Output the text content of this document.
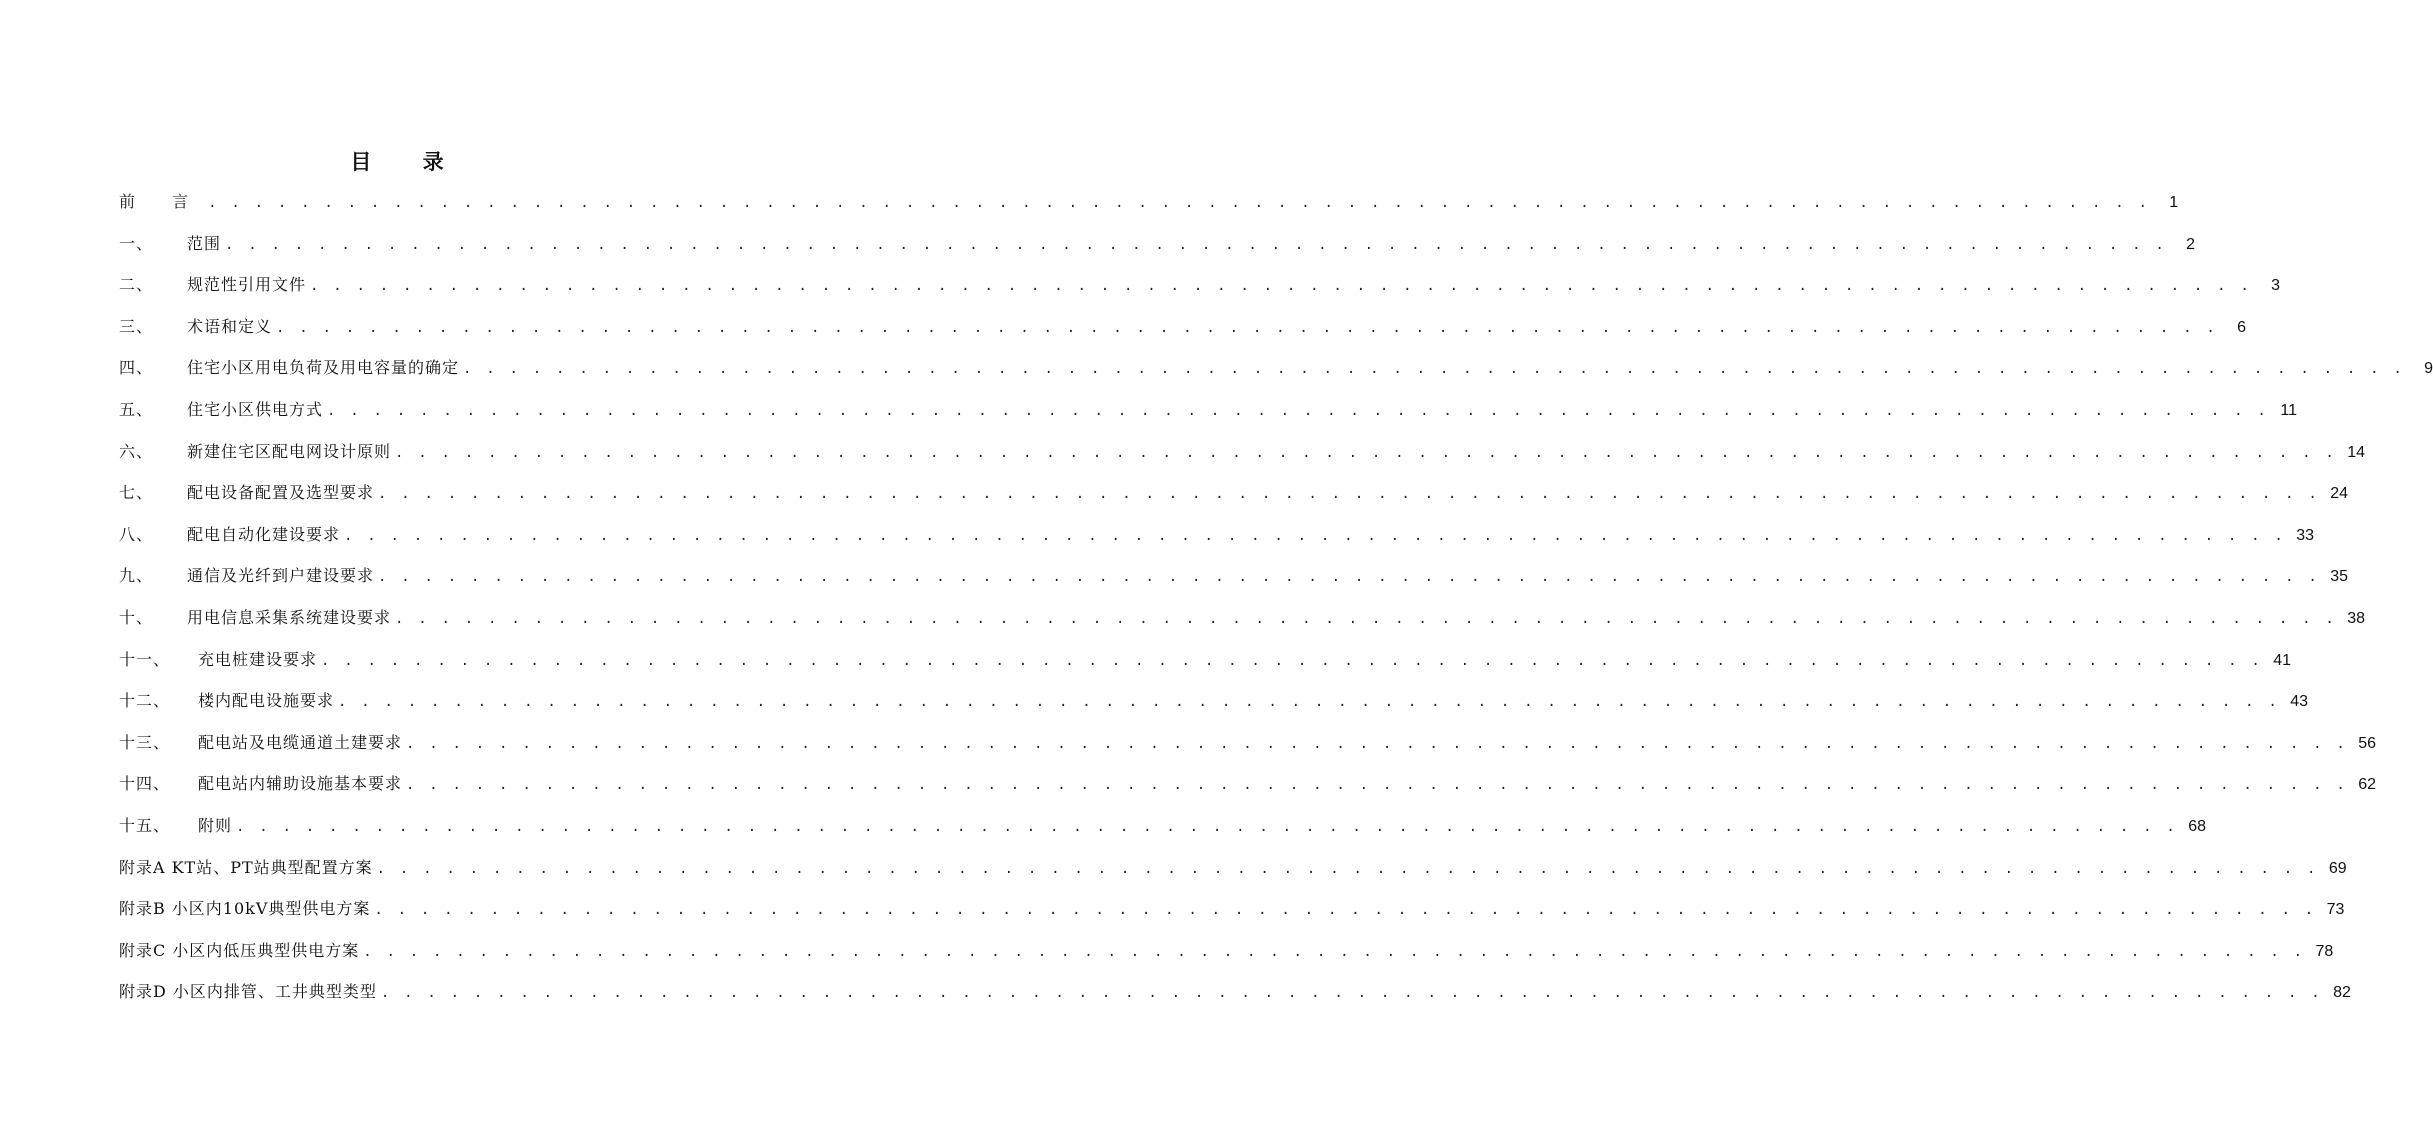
目 录
前 言 . . . . . . . . . . . . . . . . . . . . . . . . . . . . . . . . . . . . . . . . . . . . . . . . . . . . . . . . . . . . . . . . . . . . . . . . . . . . . . . . . . . .	1
一、 范围 . . . . . . . . . . . . . . . . . . . . . . . . . . . . . . . . . . . . . . . . . . . . . . . . . . . . . . . . . . . . . . . . . . . . . . . . . . . . . . . . . . . .	2
二、 规范性引用文件 . . . . . . . . . . . . . . . . . . . . . . . . . . . . . . . . . . . . . . . . . . . . . . . . . . . . . . . . . . . . . . . . . . . . . . . . . . . . . . . . . . . .	3
三、 术语和定义 . . . . . . . . . . . . . . . . . . . . . . . . . . . . . . . . . . . . . . . . . . . . . . . . . . . . . . . . . . . . . . . . . . . . . . . . . . . . . . . . . . . .	6
四、 住宅小区用电负荷及用电容量的确定 . . . . . . . . . . . . . . . . . . . . . . . . . . . . . . . . . . . . . . . . . . . . . . . . . . . . . . . . . . . . . . . . . . . . . . . . . . . . . . . . . . . .	9
五、 住宅小区供电方式 . . . . . . . . . . . . . . . . . . . . . . . . . . . . . . . . . . . . . . . . . . . . . . . . . . . . . . . . . . . . . . . . . . . . . . . . . . . . . . . . . . . . 11
六、 新建住宅区配电网设计原则 . . . . . . . . . . . . . . . . . . . . . . . . . . . . . . . . . . . . . . . . . . . . . . . . . . . . . . . . . . . . . . . . . . . . . . . . . . . . . . . . . . . . 14
七、 配电设备配置及选型要求 . . . . . . . . . . . . . . . . . . . . . . . . . . . . . . . . . . . . . . . . . . . . . . . . . . . . . . . . . . . . . . . . . . . . . . . . . . . . . . . . . . . . 24
八、 配电自动化建设要求 . . . . . . . . . . . . . . . . . . . . . . . . . . . . . . . . . . . . . . . . . . . . . . . . . . . . . . . . . . . . . . . . . . . . . . . . . . . . . . . . . . . . 33
九、 通信及光纤到户建设要求 . . . . . . . . . . . . . . . . . . . . . . . . . . . . . . . . . . . . . . . . . . . . . . . . . . . . . . . . . . . . . . . . . . . . . . . . . . . . . . . . . . . . 35
十、 用电信息采集系统建设要求 . . . . . . . . . . . . . . . . . . . . . . . . . . . . . . . . . . . . . . . . . . . . . . . . . . . . . . . . . . . . . . . . . . . . . . . . . . . . . . . . . . . . 38
十一、 充电桩建设要求 . . . . . . . . . . . . . . . . . . . . . . . . . . . . . . . . . . . . . . . . . . . . . . . . . . . . . . . . . . . . . . . . . . . . . . . . . . . . . . . . . . . . 41
十二、 楼内配电设施要求 . . . . . . . . . . . . . . . . . . . . . . . . . . . . . . . . . . . . . . . . . . . . . . . . . . . . . . . . . . . . . . . . . . . . . . . . . . . . . . . . . . . . 43
十三、 配电站及电缆通道土建要求 . . . . . . . . . . . . . . . . . . . . . . . . . . . . . . . . . . . . . . . . . . . . . . . . . . . . . . . . . . . . . . . . . . . . . . . . . . . . . . . . . . . . 56
十四、 配电站内辅助设施基本要求 . . . . . . . . . . . . . . . . . . . . . . . . . . . . . . . . . . . . . . . . . . . . . . . . . . . . . . . . . . . . . . . . . . . . . . . . . . . . . . . . . . . . 62
十五、 附则 . . . . . . . . . . . . . . . . . . . . . . . . . . . . . . . . . . . . . . . . . . . . . . . . . . . . . . . . . . . . . . . . . . . . . . . . . . . . . . . . . . . . 68
附录A KT站、PT站典型配置方案 . . . . . . . . . . . . . . . . . . . . . . . . . . . . . . . . . . . . . . . . . . . . . . . . . . . . . . . . . . . . . . . . . . . . . . . . . . . . . . . . . . . . 69
附录B 小区内10kV典型供电方案 . . . . . . . . . . . . . . . . . . . . . . . . . . . . . . . . . . . . . . . . . . . . . . . . . . . . . . . . . . . . . . . . . . . . . . . . . . . . . . . . . . . . 73
附录C 小区内低压典型供电方案 . . . . . . . . . . . . . . . . . . . . . . . . . . . . . . . . . . . . . . . . . . . . . . . . . . . . . . . . . . . . . . . . . . . . . . . . . . . . . . . . . . . . 78
附录D 小区内排管、工井典型类型 . . . . . . . . . . . . . . . . . . . . . . . . . . . . . . . . . . . . . . . . . . . . . . . . . . . . . . . . . . . . . . . . . . . . . . . . . . . . . . . . . . . . 82
